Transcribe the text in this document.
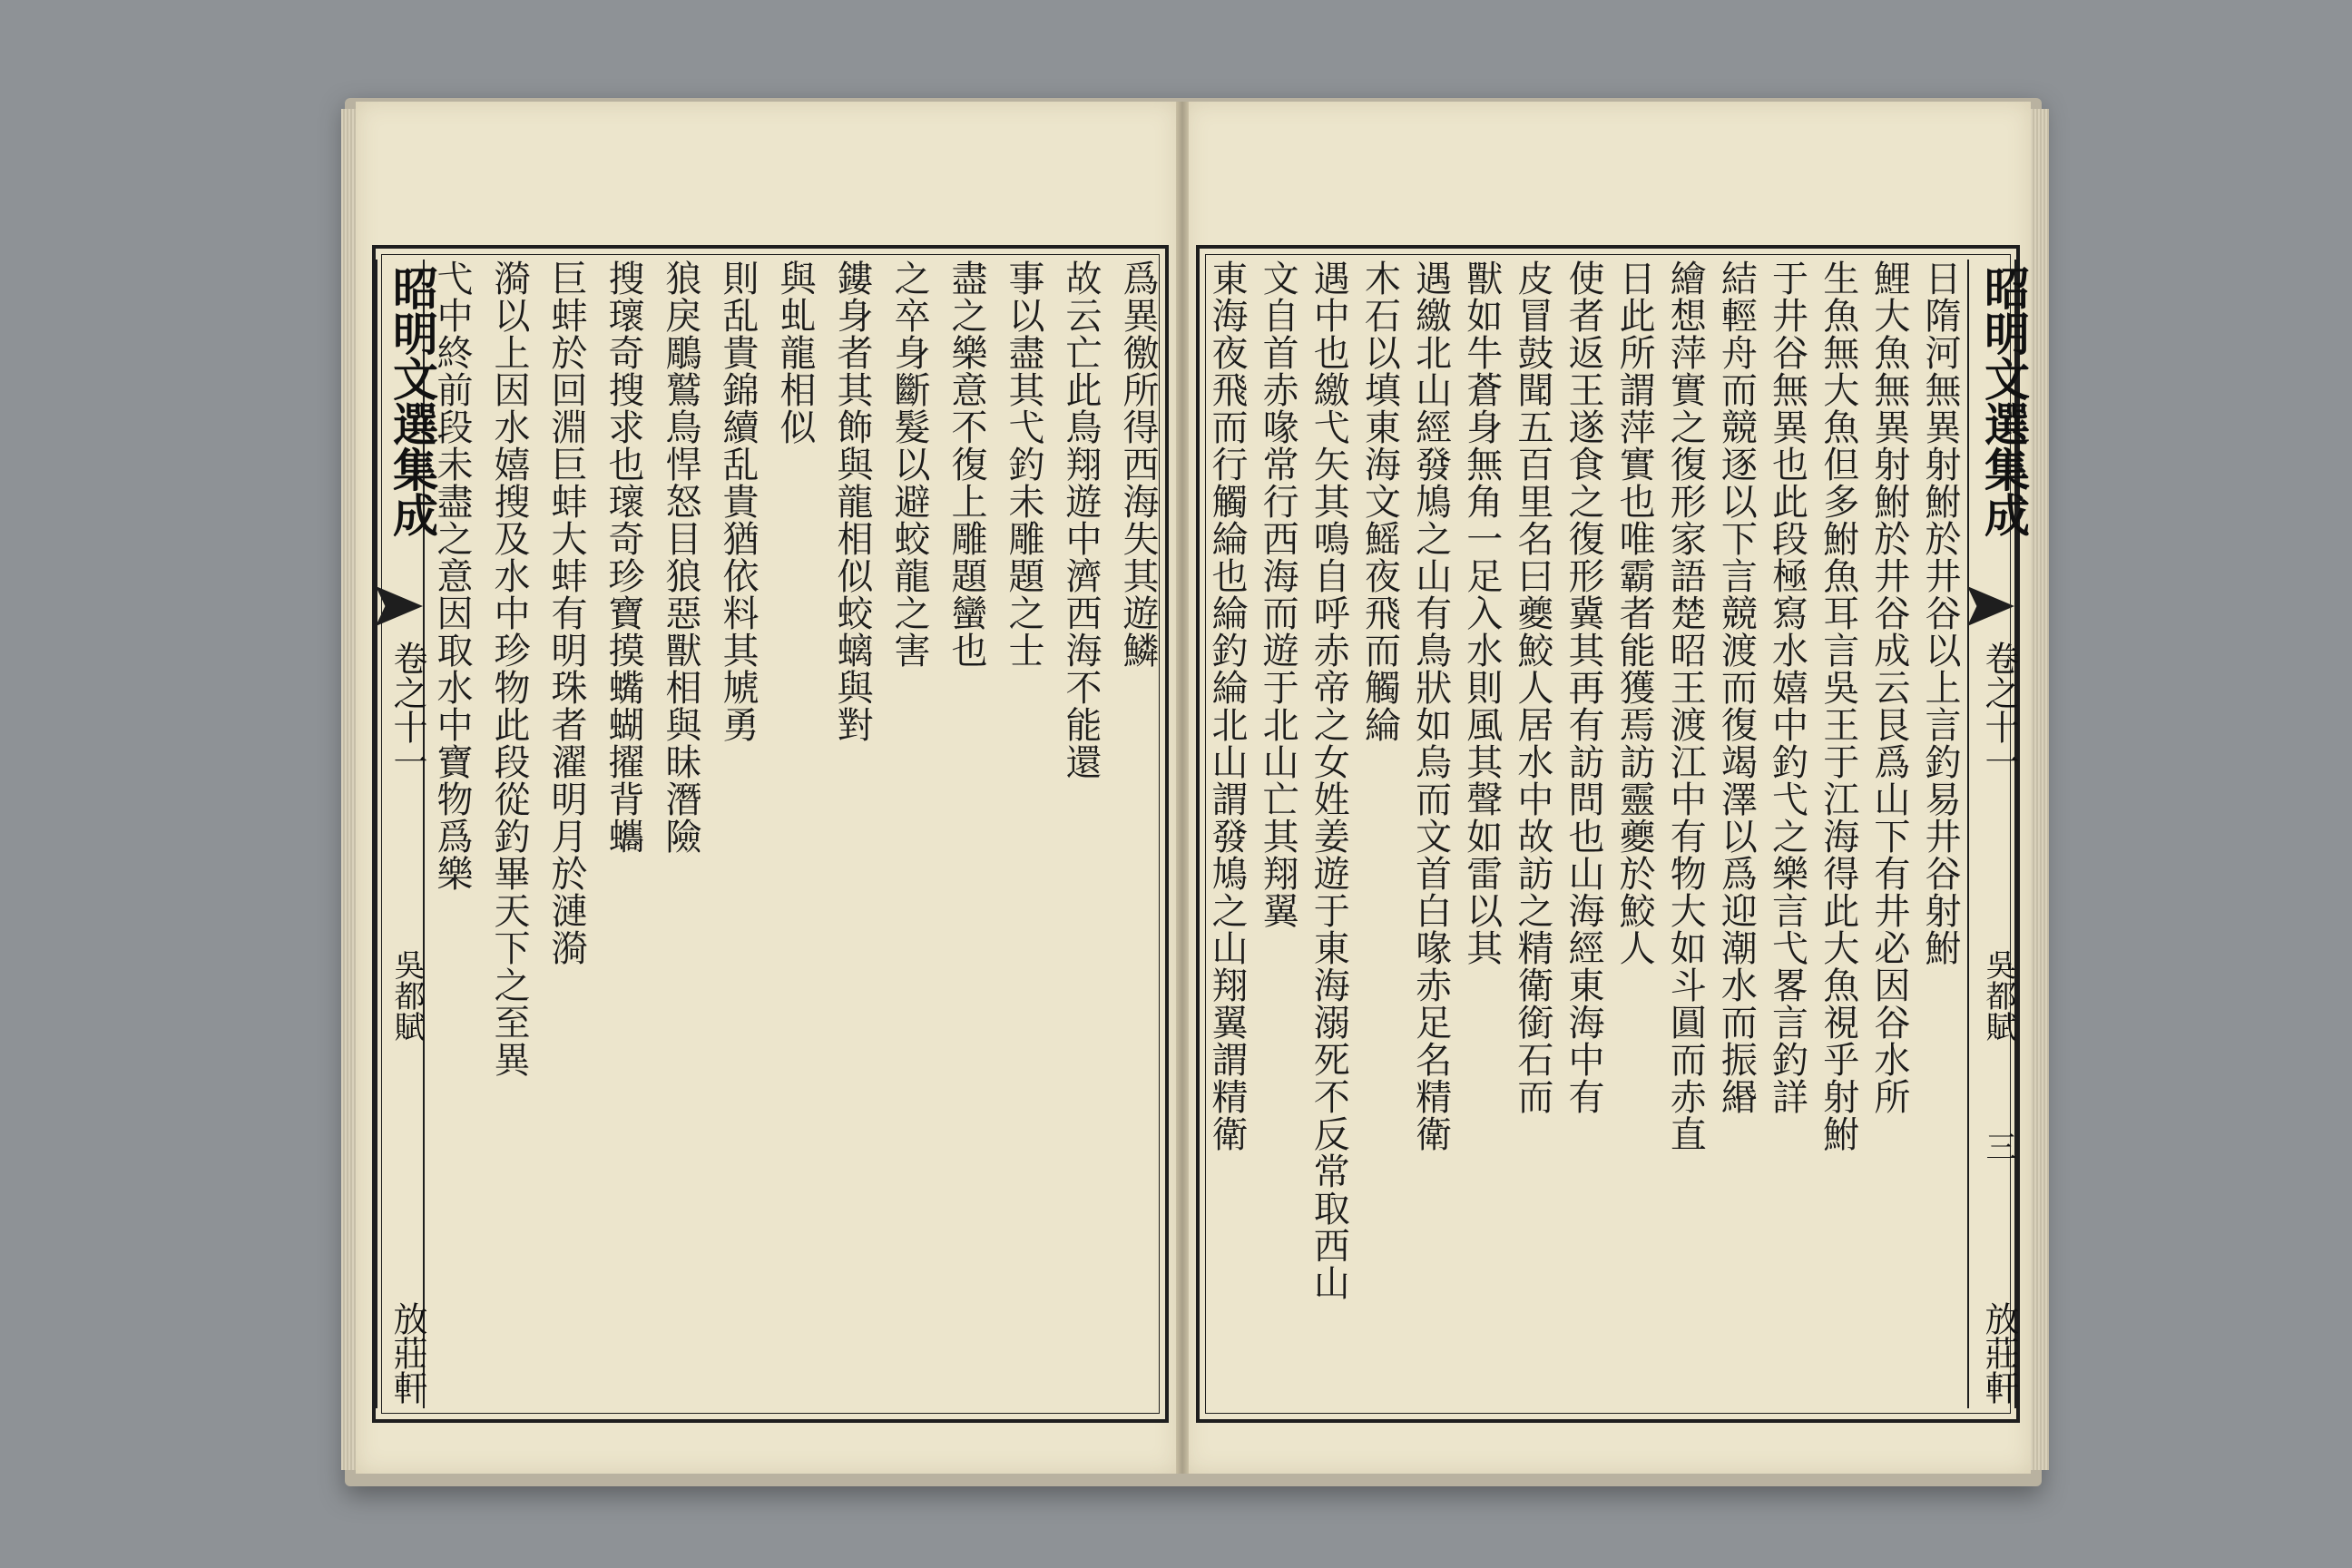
爲異徼所得西海失其遊鱗
故云亡此鳥翔遊中濟西海不能還
事以盡其弋釣未雕題之士
盡之樂意不復上雕題蠻也
之卒身斷髮以避蛟龍之害
鏤身者其飾與龍相似蛟螭與對
與虬龍相似
則乱貴錦續乱貴猶依料其虓勇
狼戾鵰鷲鳥悍怒目狼惡獸相與昧潛險
搜瓌奇搜求也瓌奇珍寶摸蟕蝴擢背蠵
巨蚌於回淵巨蚌大蚌有明珠者濯明月於漣漪
漪以上因水嬉搜及水中珍物此段從釣畢天下之至異
弋中終前段未盡之意因取水中寶物爲樂
昭明文選集成
卷之十一
吳都賦
放莊軒
日隋河無異射鮒於井谷以上言釣易井谷射鮒
鯉大魚無異射鮒於井谷成云艮爲山下有井必因谷水所
生魚無大魚但多鮒魚耳言吳王于江海得此大魚視乎射鮒
于井谷無異也此段極寫水嬉中釣弋之樂言弋畧言釣詳
結輕舟而競逐以下言競渡而復竭澤以爲迎潮水而振緡
繪想萍實之復形家語楚昭王渡江中有物大如斗圓而赤直
日此所謂萍實也唯霸者能獲焉訪靈夔於鮫人
使者返王遂食之復形冀其再有訪問也山海經東海中有
皮冒鼓聞五百里名曰夔鮫人居水中故訪之精衛銜石而
獸如牛蒼身無角一足入水則風其聲如雷以其
遇繳北山經發鳩之山有鳥狀如烏而文首白喙赤足名精衛
木石以填東海文鰩夜飛而觸綸
遇中也繳弋矢其鳴自呼赤帝之女姓姜遊于東海溺死不反常取西山
文自首赤喙常行西海而遊于北山亡其翔翼
東海夜飛而行觸綸也綸釣綸北山謂發鳩之山翔翼謂精衛	昭明文選集成
卷之十一
吳都賦
三
放莊軒
